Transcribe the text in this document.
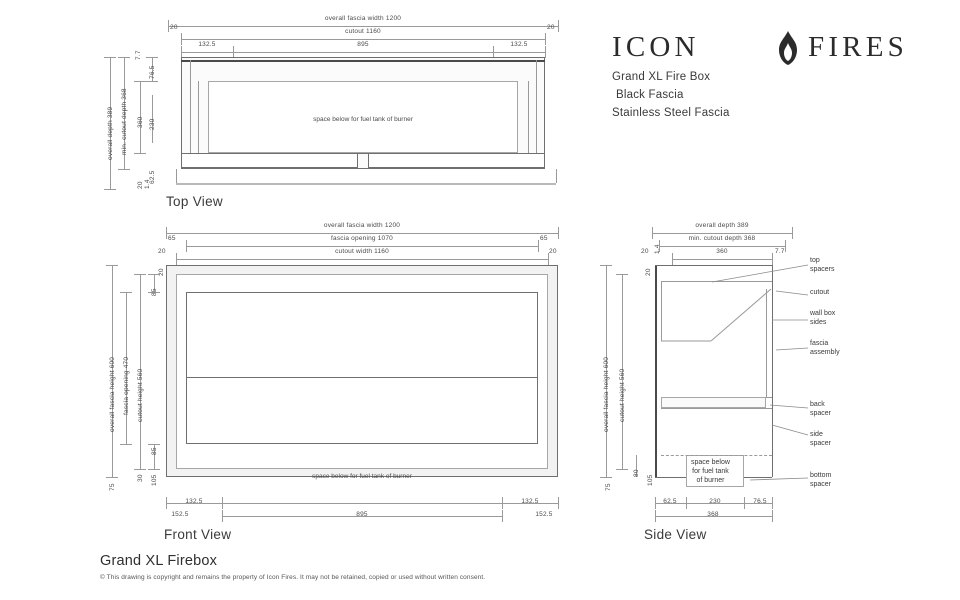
ICON	FIRES
Grand XL Fire Box
Black Fascia
Stainless Steel Fascia
overall fascia width 1200
cutout 1160
20	20
132.5	895	132.5
space below for fuel tank of burner
overall depth 389 min. cutout depth 368
76.5
7.7
360 230
62.5
20 1.4
Top View
overall fascia width 1200
fascia opening 1070
65	65
cutout width 1160
20	20
space below for fuel tank of burner
overall fascia height 600 fascia opening 470 cutout height 560
20
85
85
75
30 105
132.5	132.5
895
152.5	152.5
Front View
overall depth 389
min. cutout depth 368
360	7.7
20 1.4
space below
for fuel tank
of burner
overall fascia height 600 cutout height 560
20
80
75
105
62.5	230	76.5
368
Side View
top
spacers
cutout
wall box
sides
fascia
assembly
back
spacer
side
spacer
bottom
spacer
Grand XL Firebox
© This drawing is copyright and remains the property of Icon Fires. It may not be retained, copied or used without written consent.
